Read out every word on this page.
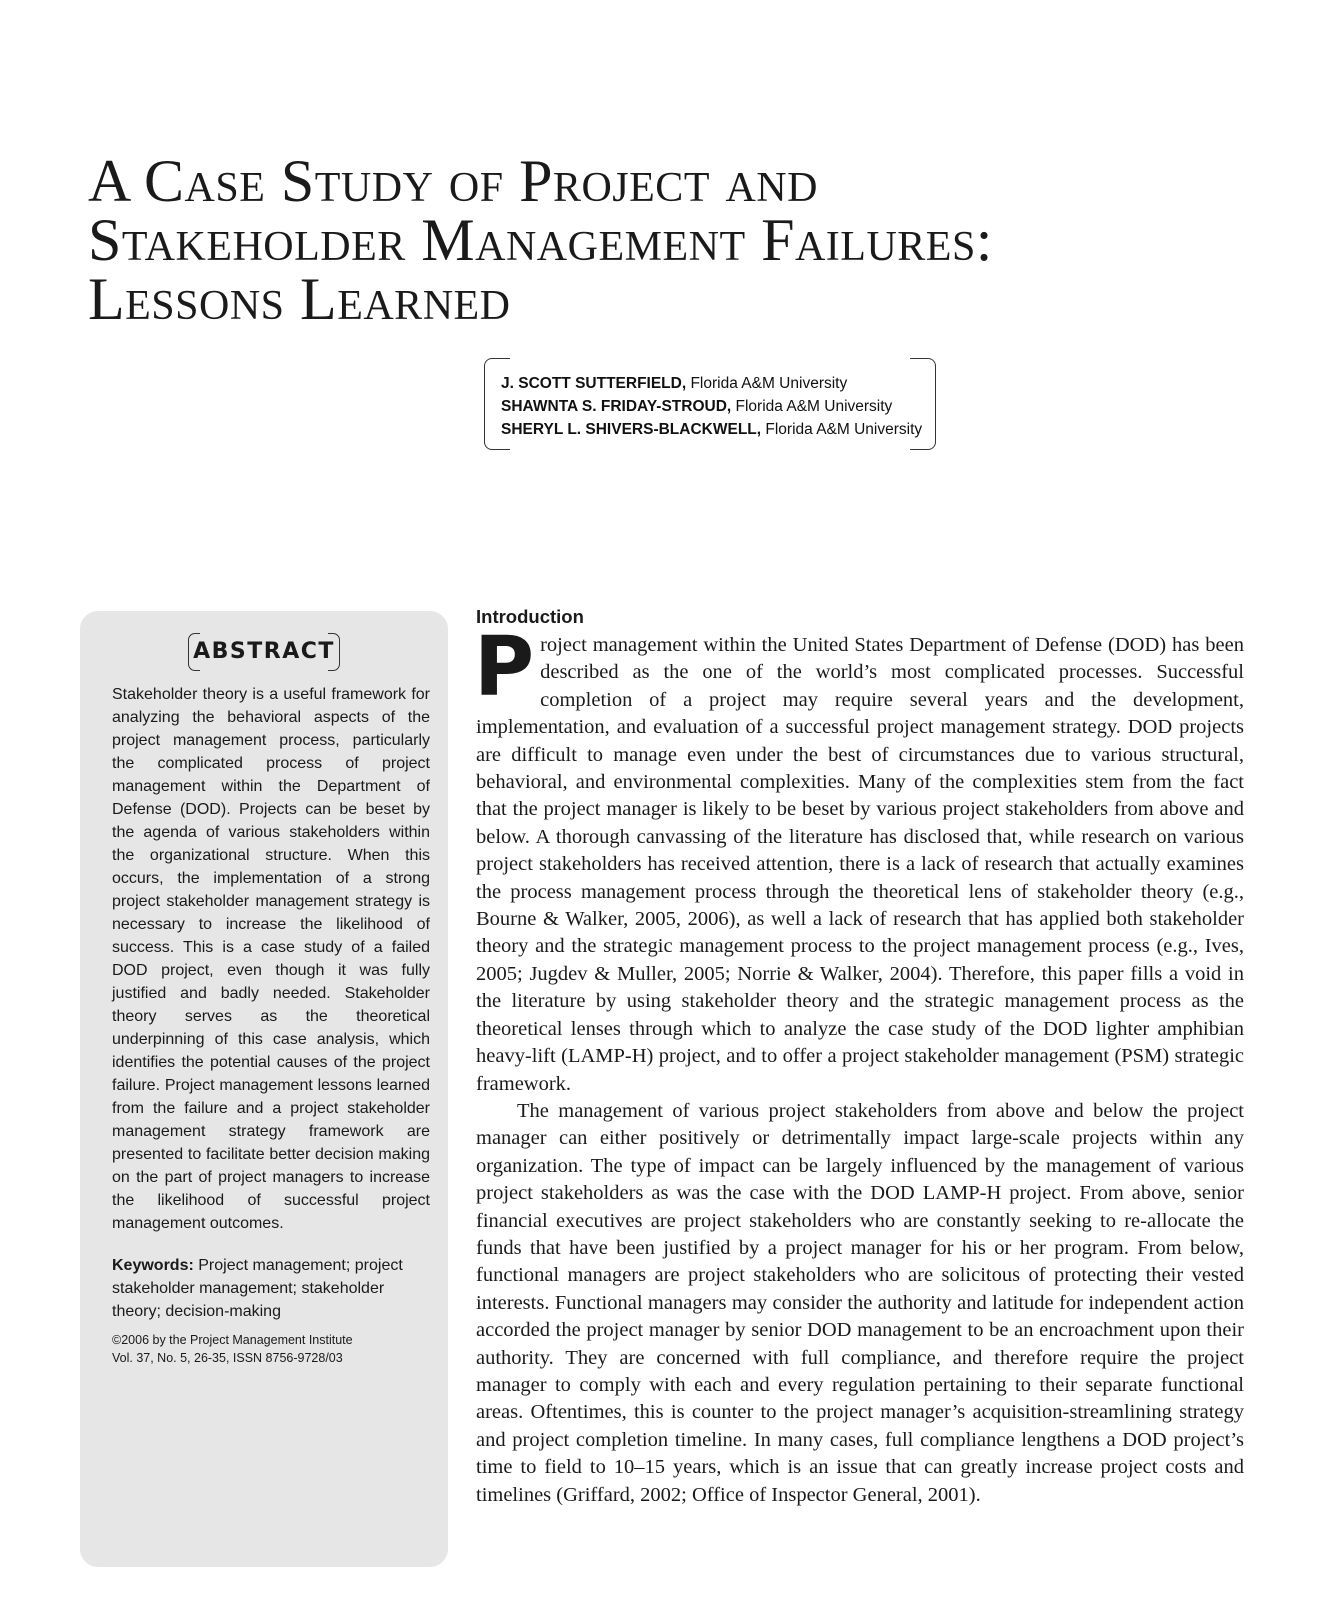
A Case Study of Project and
Stakeholder Management Failures:
Lessons Learned
J. SCOTT SUTTERFIELD, Florida A&M University
SHAWNTA S. FRIDAY-STROUD, Florida A&M University
SHERYL L. SHIVERS-BLACKWELL, Florida A&M University
ABSTRACT

Stakeholder theory is a useful framework for analyzing the behavioral aspects of the project management process, particularly the complicated process of project management within the Department of Defense (DOD). Projects can be beset by the agenda of various stakeholders within the organizational structure. When this occurs, the implementation of a strong project stakeholder management strategy is necessary to increase the likelihood of success. This is a case study of a failed DOD project, even though it was fully justified and badly needed. Stakeholder theory serves as the theoretical underpinning of this case analysis, which identifies the potential causes of the project failure. Project management lessons learned from the failure and a project stakeholder management strategy framework are presented to facilitate better decision making on the part of project managers to increase the likelihood of successful project management outcomes.

Keywords: Project management; project stakeholder management; stakeholder theory; decision-making

©2006 by the Project Management Institute
Vol. 37, No. 5, 26-35, ISSN 8756-9728/03
Introduction

Project management within the United States Department of Defense (DOD) has been described as the one of the world’s most complicated processes. Successful completion of a project may require several years and the development, implementation, and evaluation of a successful project management strategy. DOD projects are difficult to manage even under the best of circumstances due to various structural, behavioral, and environmental complexities. Many of the complexities stem from the fact that the project manager is likely to be beset by various project stakeholders from above and below. A thorough canvassing of the literature has disclosed that, while research on various project stakeholders has received attention, there is a lack of research that actually examines the process management process through the theoretical lens of stakeholder theory (e.g., Bourne & Walker, 2005, 2006), as well a lack of research that has applied both stakeholder theory and the strategic management process to the project management process (e.g., Ives, 2005; Jugdev & Muller, 2005; Norrie & Walker, 2004). Therefore, this paper fills a void in the literature by using stakeholder theory and the strategic management process as the theoretical lenses through which to analyze the case study of the DOD lighter amphibian heavy-lift (LAMP-H) project, and to offer a project stakeholder management (PSM) strategic framework.

The management of various project stakeholders from above and below the project manager can either positively or detrimentally impact large-scale projects within any organization. The type of impact can be largely influenced by the management of various project stakeholders as was the case with the DOD LAMP-H project. From above, senior financial executives are project stakeholders who are constantly seeking to re-allocate the funds that have been justified by a project manager for his or her program. From below, functional managers are project stakeholders who are solicitous of protecting their vested interests. Functional managers may consider the authority and latitude for independent action accorded the project manager by senior DOD management to be an encroachment upon their authority. They are concerned with full compliance, and therefore require the project manager to comply with each and every regulation pertaining to their separate functional areas. Oftentimes, this is counter to the project manager’s acquisition-streamlining strategy and project completion timeline. In many cases, full compliance lengthens a DOD project’s time to field to 10–15 years, which is an issue that can greatly increase project costs and timelines (Griffard, 2002; Office of Inspector General, 2001).
